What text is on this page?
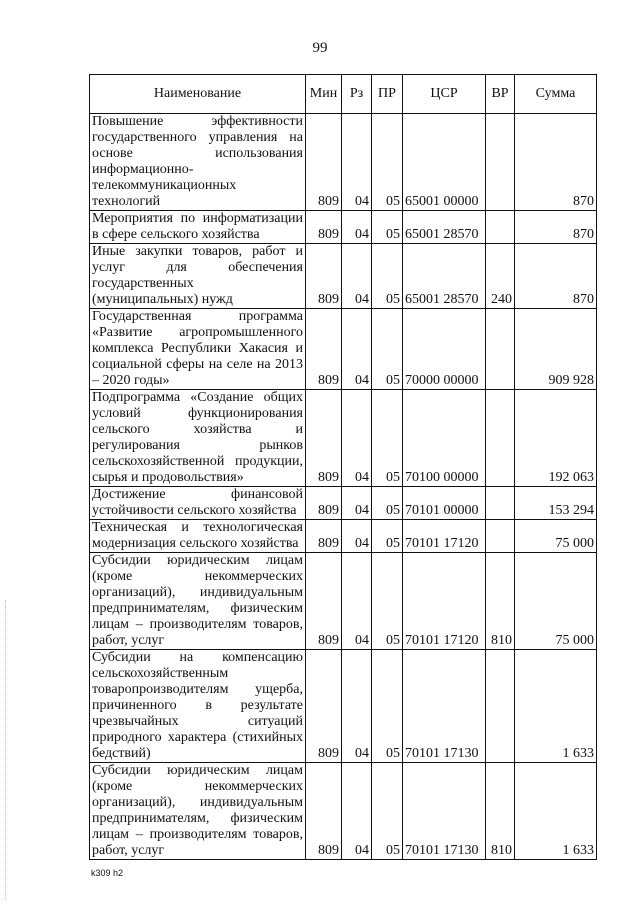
99
Наименование	Мин	Рз	ПР	ЦСР	ВР	Сумма
Повышение эффективности государственного управления на основе использования информационно-телекоммуникационных технологий	809	04	05	65001 00000		870
Мероприятия по информатизации в сфере сельского хозяйства	809	04	05	65001 28570		870
Иные закупки товаров, работ и услуг для обеспечения государственных (муниципальных) нужд	809	04	05	65001 28570	240	870
Государственная программа «Развитие агропромышленного комплекса Республики Хакасия и социальной сферы на селе на 2013 – 2020 годы»	809	04	05	70000 00000		909 928
Подпрограмма «Создание общих условий функционирования сельского хозяйства и регулирования рынков сельскохозяйственной продукции, сырья и продовольствия»	809	04	05	70100 00000		192 063
Достижение финансовой устойчивости сельского хозяйства	809	04	05	70101 00000		153 294
Техническая и технологическая модернизация сельского хозяйства	809	04	05	70101 17120		75 000
Субсидии юридическим лицам (кроме некоммерческих организаций), индивидуальным предпринимателям, физическим лицам – производителям товаров, работ, услуг	809	04	05	70101 17120	810	75 000
Субсидии на компенсацию сельскохозяйственным товаропроизводителям ущерба, причиненного в результате чрезвычайных ситуаций природного характера (стихийных бедствий)	809	04	05	70101 17130		1 633
Субсидии юридическим лицам (кроме некоммерческих организаций), индивидуальным предпринимателям, физическим лицам – производителям товаров, работ, услуг	809	04	05	70101 17130	810	1 633
k309 h2
